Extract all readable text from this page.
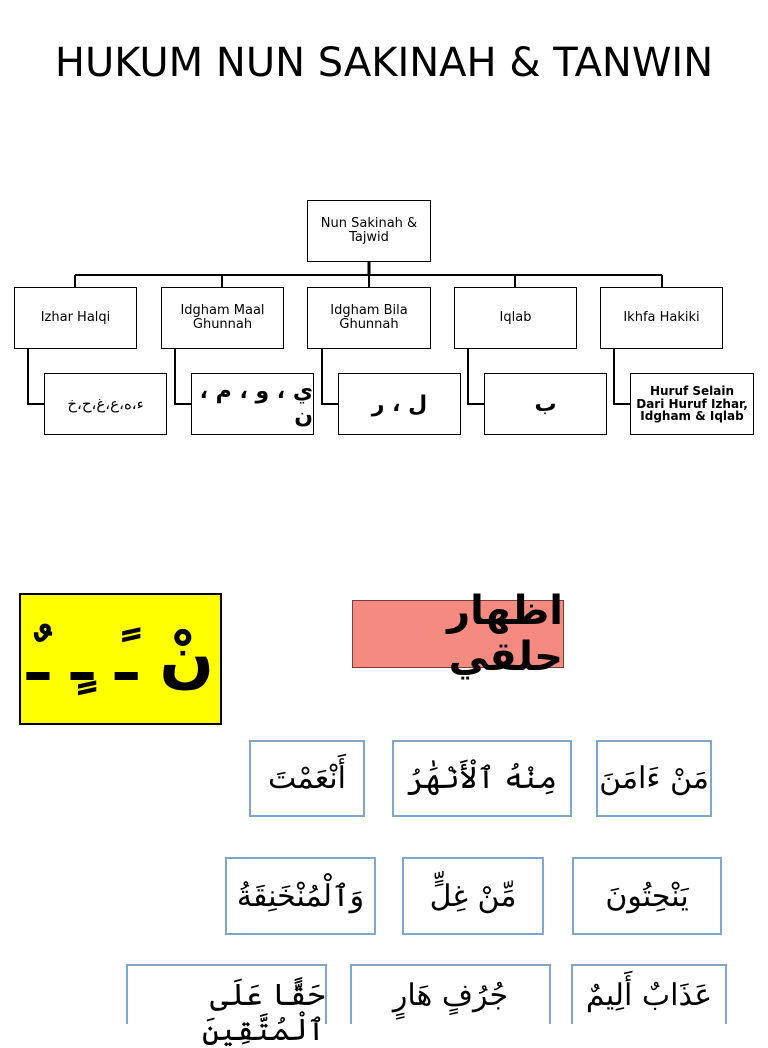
HUKUM NUN SAKINAH & TANWIN
Nun Sakinah & Tajwid
Izhar Halqi	Idgham Maal Ghunnah
Idgham Bila Ghunnah	Iqlab	Ikhfa Hakiki
ء،ه،ع،غ،ح،خ	ي ، و ، م ، ن	ل ، ر	ب
Huruf Selain Dari Huruf Izhar, Idgham & Iqlab
نْ ـً ـٍ ـٌ
اظهار حلقي
أَنْعَمْتَ مِنْهُ ٱلْأَنْهَٰرُ مَنْ ءَامَنَ
وَٱلْمُنْخَنِقَةُ مِّنْ غِلٍّ	يَنْحِتُونَ
حَقًّا عَلَى ٱلْمُتَّقِينَ
جُرُفٍ هَارٍ	عَذَابٌ أَلِيمٌ
